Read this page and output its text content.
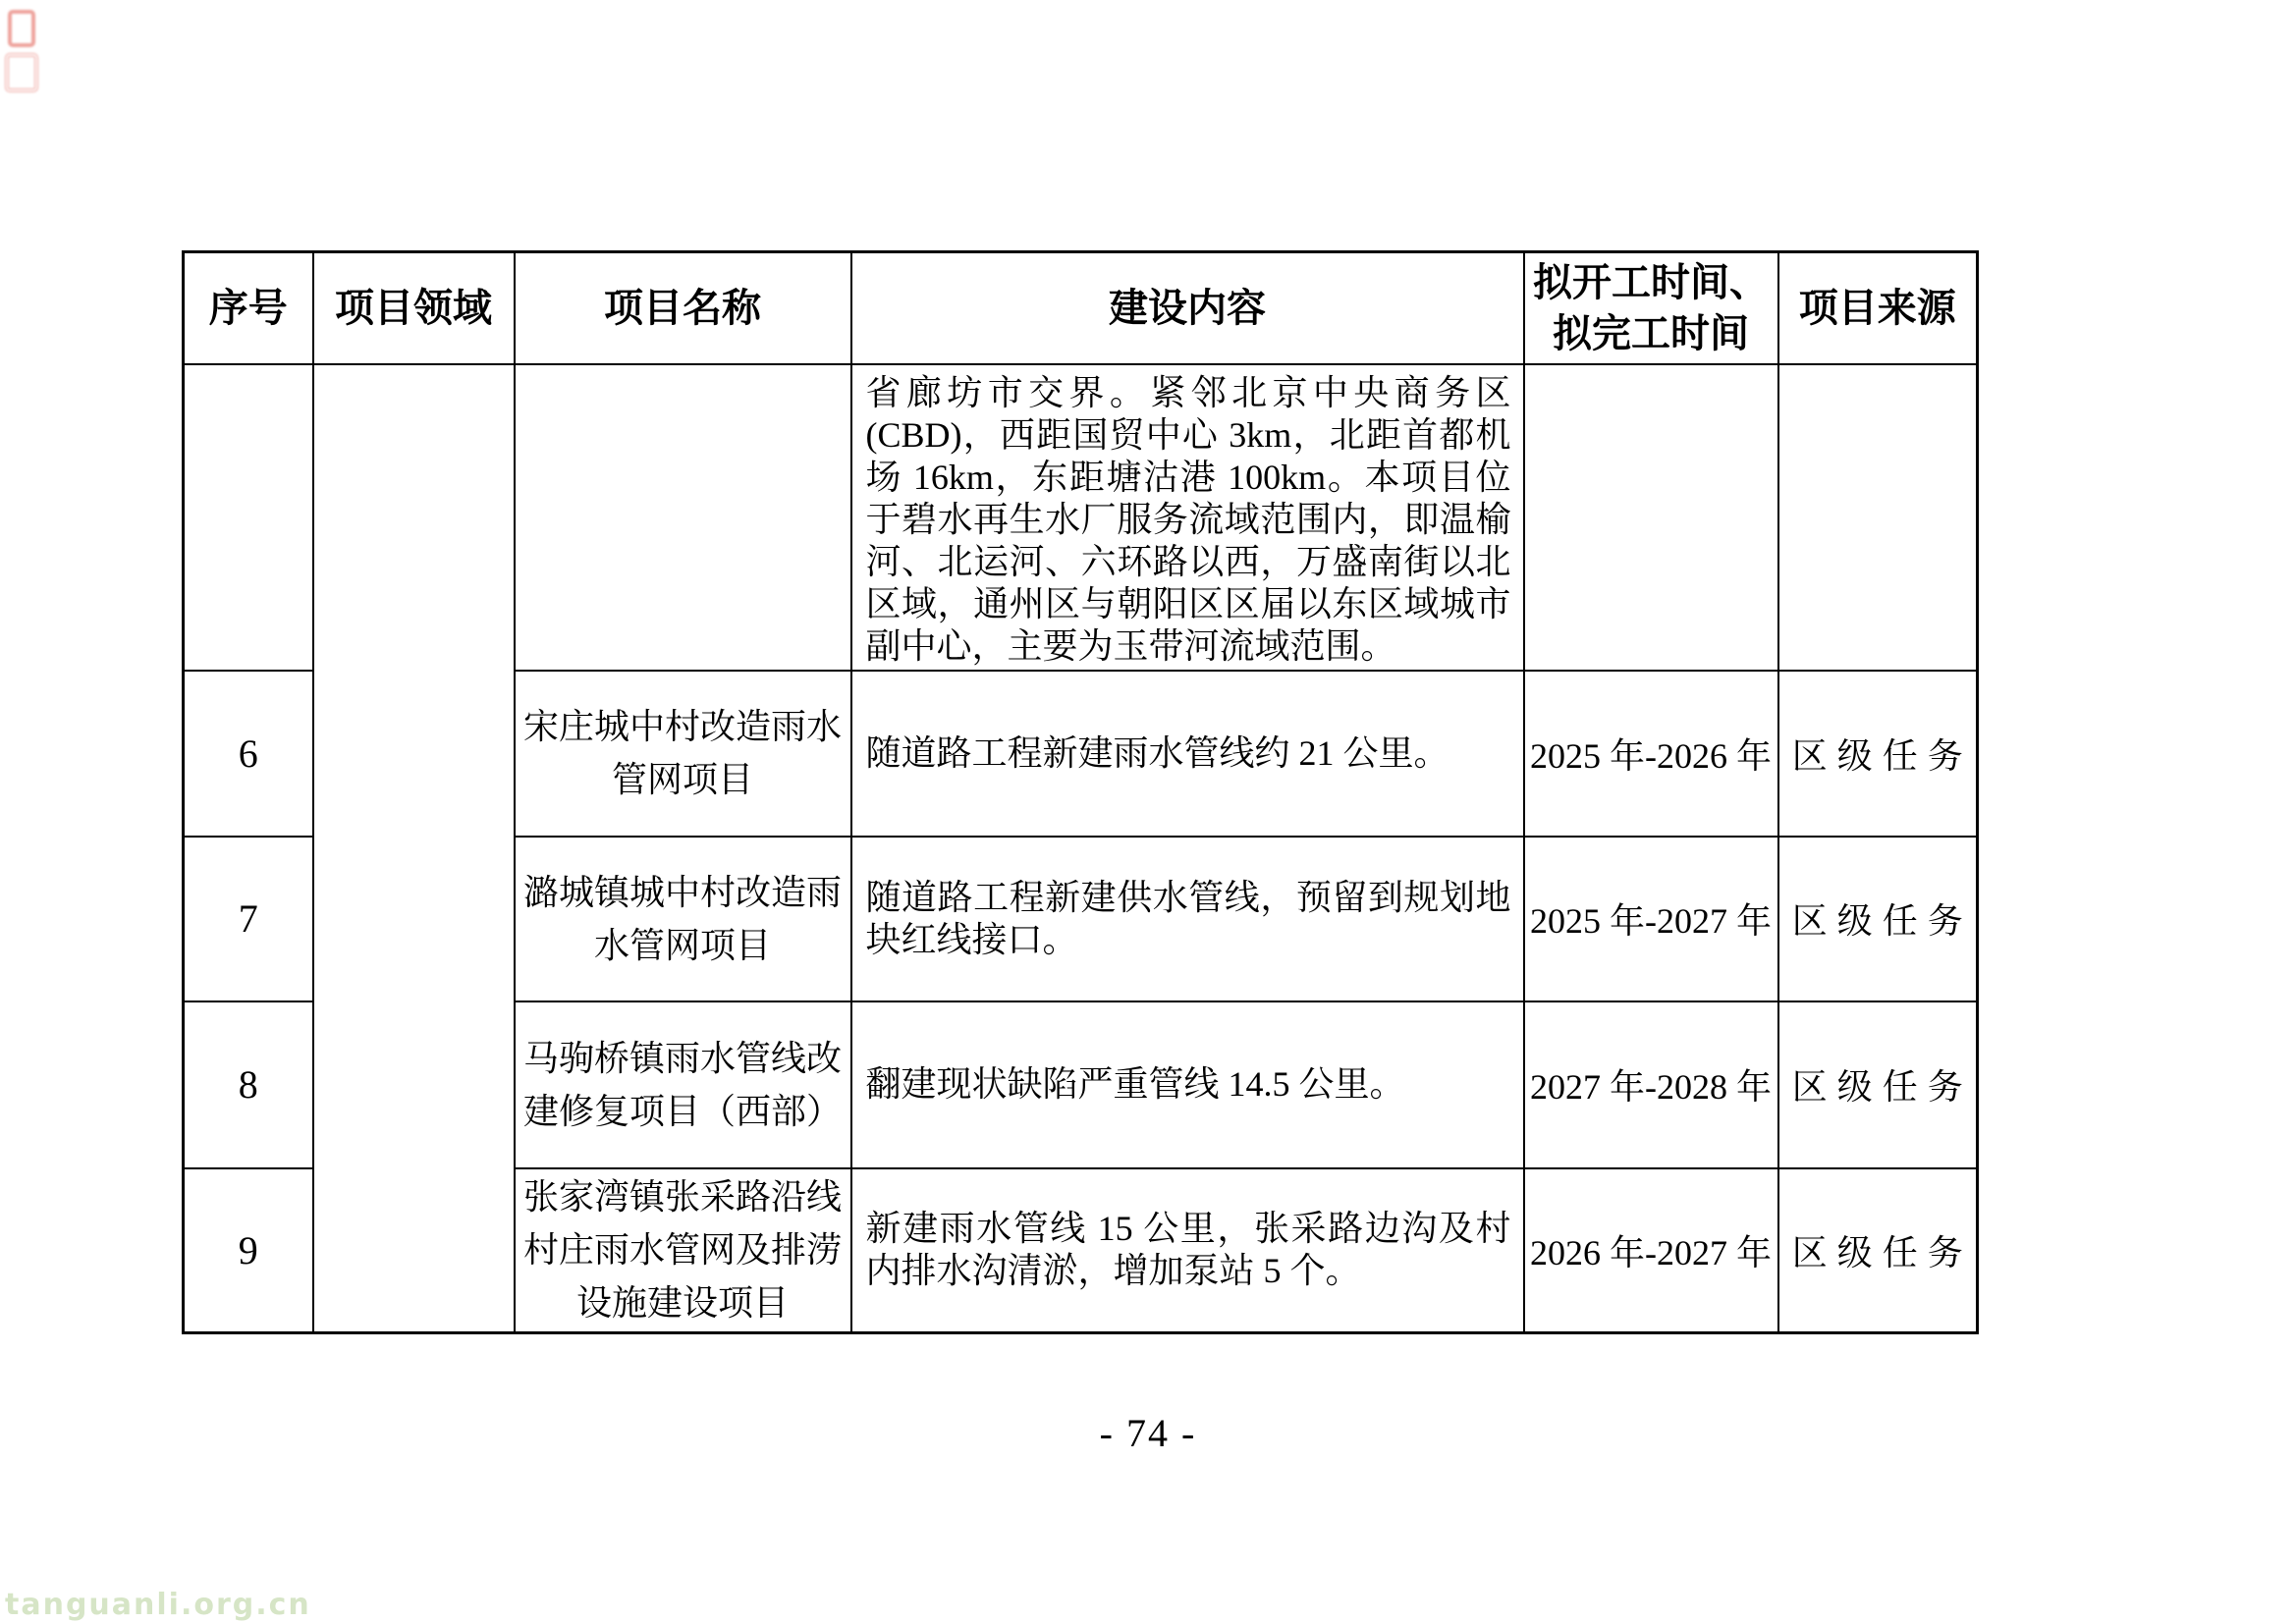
序号	项目领域	项目名称	建设内容	拟开工时间、
拟完工时间	项目来源
			省廊坊市交界。紧邻北京中央商务区(CBD)，西距国贸中心 3km，北距首都机场 16km，东距塘沽港 100km。本项目位于碧水再生水厂服务流域范围内，即温榆河、北运河、六环路以西，万盛南街以北区域，通州区与朝阳区区届以东区域城市副中心，主要为玉带河流域范围。		
6		宋庄城中村改造雨水管网项目	随道路工程新建雨水管线约 21 公里。	2025 年-2026 年	区级任务
7		潞城镇城中村改造雨水管网项目	随道路工程新建供水管线，预留到规划地块红线接口。	2025 年-2027 年	区级任务
8		马驹桥镇雨水管线改建修复项目（西部）	翻建现状缺陷严重管线 14.5 公里。	2027 年-2028 年	区级任务
9		张家湾镇张采路沿线村庄雨水管网及排涝设施建设项目	新建雨水管线 15 公里，张采路边沟及村内排水沟清淤，增加泵站 5 个。	2026 年-2027 年	区级任务
- 74 -
tanguanli.org.cn
